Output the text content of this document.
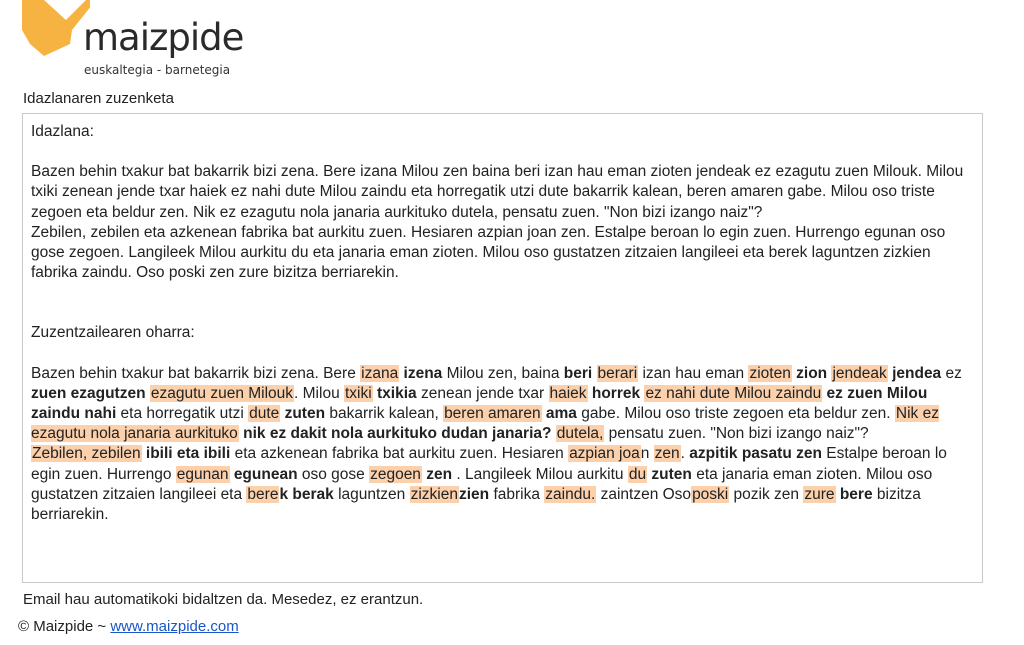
maizpide
euskaltegia - barnetegia
Idazlanaren zuzenketa

Idazlana:

Bazen behin txakur bat bakarrik bizi zena. Bere izana Milou zen baina beri izan hau eman zioten jendeak ez ezagutu zuen Milouk. Milou txiki zenean jende txar haiek ez nahi dute Milou zaindu eta horregatik utzi dute bakarrik kalean, beren amaren gabe. Milou oso triste zegoen eta beldur zen. Nik ez ezagutu nola janaria aurkituko dutela, pensatu zuen. "Non bizi izango naiz"?

Zebilen, zebilen eta azkenean fabrika bat aurkitu zuen. Hesiaren azpian joan zen. Estalpe beroan lo egin zuen. Hurrengo egunan oso gose zegoen. Langileek Milou aurkitu du eta janaria eman zioten. Milou oso gustatzen zitzaien langileei eta berek laguntzen zizkien fabrika zaindu. Oso poski zen zure bizitza berriarekin.

Zuzentzailearen oharra:

Bazen behin txakur bat bakarrik bizi zena. Bere izana izena Milou zen, baina beri berari izan hau eman zioten zion jendeak jendea ez zuen ezagutzen ezagutu zuen Milouk. Milou txiki txikia zenean jende txar haiek horrek ez nahi dute Milou zaindu ez zuen Milou zaindu nahi eta horregatik utzi dute zuten bakarrik kalean, beren amaren ama gabe. Milou oso triste zegoen eta beldur zen. Nik ez ezagutu nola janaria aurkituko nik ez dakit nola aurkituko dudan janaria? dutela, pensatu zuen. "Non bizi izango naiz"?
Zebilen, zebilen ibili eta ibili eta azkenean fabrika bat aurkitu zuen. Hesiaren azpian joan zen. azpitik pasatu zen Estalpe beroan lo egin zuen. Hurrengo egunan egunean oso gose zegoen zen . Langileek Milou aurkitu du zuten eta janaria eman zioten. Milou oso gustatzen zitzaien langileei eta berek berak laguntzen zizkienzien fabrika zaindu. zaintzen Osoposki pozik zen zure bere bizitza berriarekin.

Email hau automatikoki bidaltzen da. Mesedez, ez erantzun.
© Maizpide ~ www.maizpide.com
